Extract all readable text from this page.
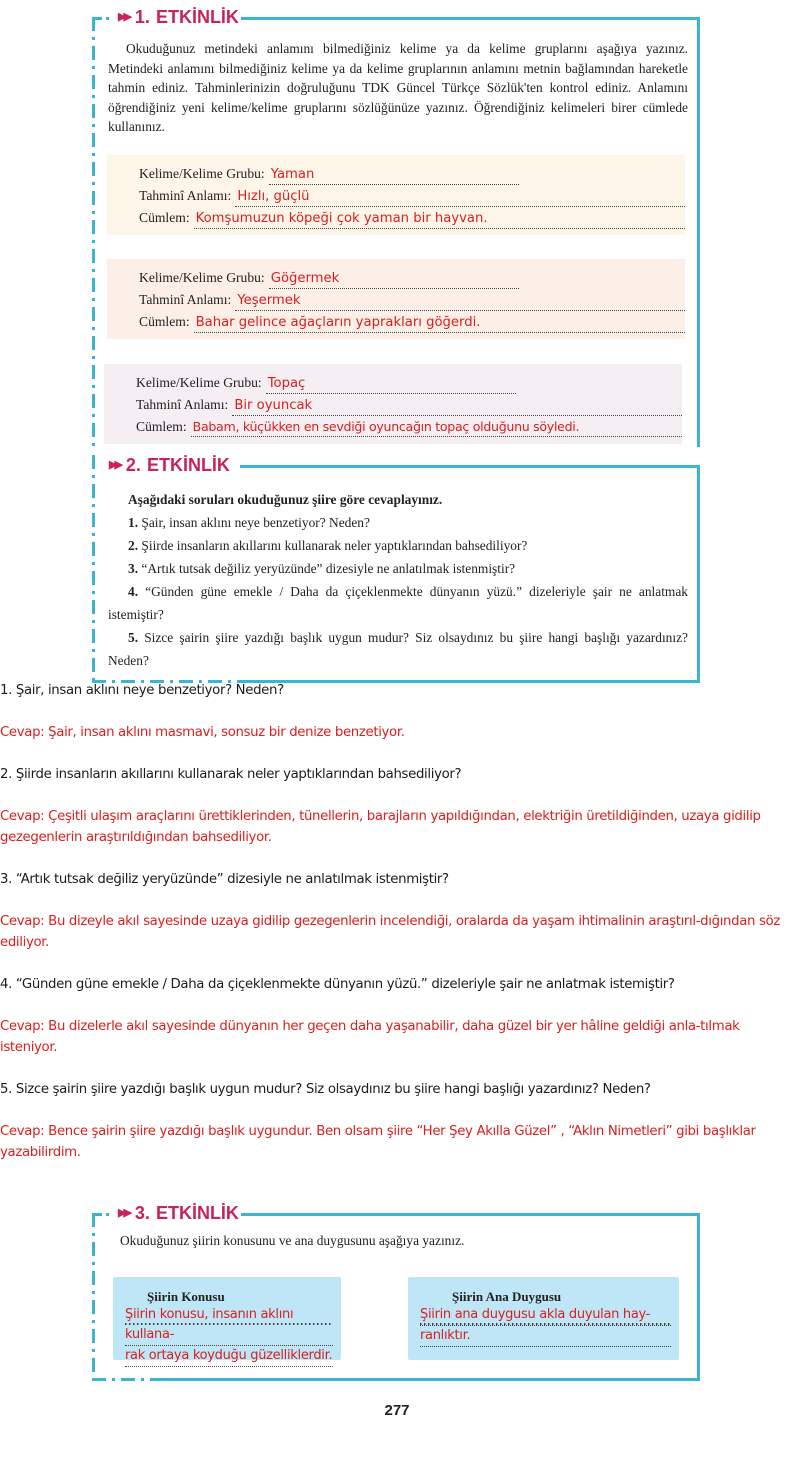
▶▶ 1. ETKİNLİK

Okuduğunuz metindeki anlamını bilmediğiniz kelime ya da kelime gruplarını aşağıya yazınız. Metindeki anlamını bilmediğiniz kelime ya da kelime gruplarının anlamını metnin bağlamından hareketle tahmin ediniz. Tahminlerinizin doğruluğunu TDK Güncel Türkçe Sözlük'ten kontrol ediniz. Anlamını öğrendiğiniz yeni kelime/kelime gruplarını sözlüğünüze yazınız. Öğrendiğiniz kelimeleri birer cümlede kullanınız.

Kelime/Kelime Grubu: Yaman
Tahminî Anlamı: Hızlı, güçlü
Cümlem: Komşumuzun köpeği çok yaman bir hayvan.
Kelime/Kelime Grubu: Göğermek
Tahminî Anlamı: Yeşermek
Cümlem: Bahar gelince ağaçların yaprakları göğerdi.
Kelime/Kelime Grubu: Topaç
Tahminî Anlamı: Bir oyuncak
Cümlem: Babam, küçükken en sevdiği oyuncağın topaç olduğunu söyledi.
▶▶ 2. ETKİNLİK
Aşağıdaki soruları okuduğunuz şiire göre cevaplayınız.
1. Şair, insan aklını neye benzetiyor? Neden?
2. Şiirde insanların akıllarını kullanarak neler yaptıklarından bahsediliyor?
3. “Artık tutsak değiliz yeryüzünde” dizesiyle ne anlatılmak istenmiştir?
4. “Günden güne emekle / Daha da çiçeklenmekte dünyanın yüzü.” dizeleriyle şair ne anlatmak istemiştir?
5. Sizce şairin şiire yazdığı başlık uygun mudur? Siz olsaydınız bu şiire hangi başlığı yazardınız? Neden?
1. Şair, insan aklını neye benzetiyor? Neden?
Cevap: Şair, insan aklını masmavi, sonsuz bir denize benzetiyor.
2. Şiirde insanların akıllarını kullanarak neler yaptıklarından bahsediliyor?
Cevap: Çeşitli ulaşım araçlarını ürettiklerinden, tünellerin, barajların yapıldığından, elektriğin üretildiğinden, uzaya gidilip gezegenlerin araştırıldığından bahsediliyor.
3. “Artık tutsak değiliz yeryüzünde” dizesiyle ne anlatılmak istenmiştir?
Cevap: Bu dizeyle akıl sayesinde uzaya gidilip gezegenlerin incelendiği, oralarda da yaşam ihtimalinin araştırıl-dığından söz ediliyor.
4. “Günden güne emekle / Daha da çiçeklenmekte dünyanın yüzü.” dizeleriyle şair ne anlatmak istemiştir?
Cevap: Bu dizelerle akıl sayesinde dünyanın her geçen daha yaşanabilir, daha güzel bir yer hâline geldiği anla-tılmak isteniyor.
5. Sizce şairin şiire yazdığı başlık uygun mudur? Siz olsaydınız bu şiire hangi başlığı yazardınız? Neden?
Cevap: Bence şairin şiire yazdığı başlık uygundur. Ben olsam şiire “Her Şey Akılla Güzel” , “Aklın Nimetleri” gibi başlıklar yazabilirdim.
▶▶ 3. ETKİNLİK
Okuduğunuz şiirin konusunu ve ana duygusunu aşağıya yazınız.
Şiirin Konusu
Şiirin konusu, insanın aklını kullana-
rak ortaya koyduğu güzelliklerdir.
Şiirin Ana Duygusu
Şiirin ana duygusu akla duyulan hay-
ranlıktır.
277
